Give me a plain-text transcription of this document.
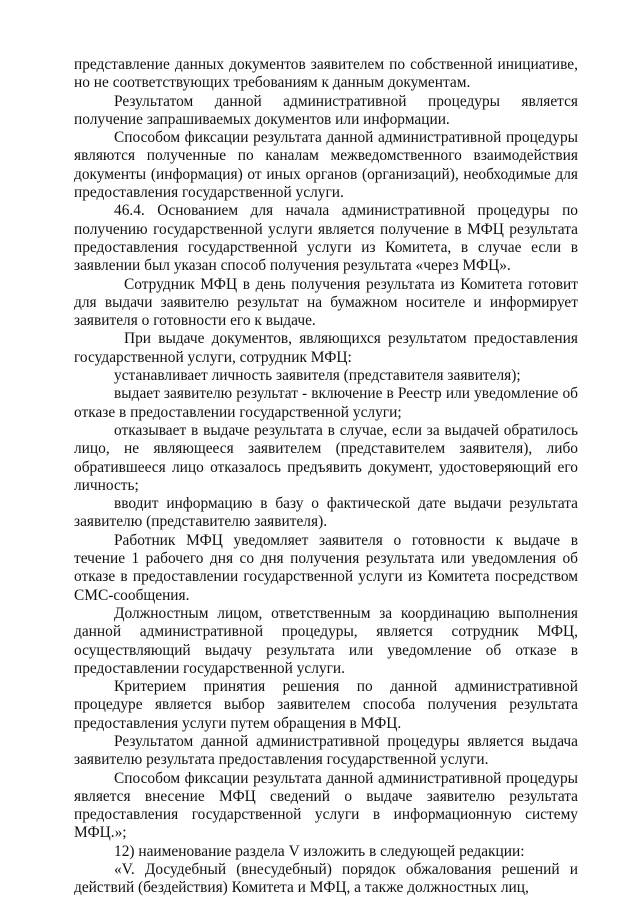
представление данных документов заявителем по собственной инициативе, но не соответствующих требованиям к данным документам.

Результатом данной административной процедуры является получение запрашиваемых документов или информации.

Способом фиксации результата данной административной процедуры являются полученные по каналам межведомственного взаимодействия документы (информация) от иных органов (организаций), необходимые для предоставления государственной услуги.

46.4. Основанием для начала административной процедуры по получению государственной услуги является получение в МФЦ результата предоставления государственной услуги из Комитета, в случае если в заявлении был указан способ получения результата «через МФЦ».

Сотрудник МФЦ в день получения результата из Комитета готовит для выдачи заявителю результат на бумажном носителе и информирует заявителя о готовности его к выдаче.

При выдаче документов, являющихся результатом предоставления государственной услуги, сотрудник МФЦ:

устанавливает личность заявителя (представителя заявителя);

выдает заявителю результат - включение в Реестр или уведомление об отказе в предоставлении государственной услуги;

отказывает в выдаче результата в случае, если за выдачей обратилось лицо, не являющееся заявителем (представителем заявителя), либо обратившееся лицо отказалось предъявить документ, удостоверяющий его личность;

вводит информацию в базу о фактической дате выдачи результата заявителю (представителю заявителя).

Работник МФЦ уведомляет заявителя о готовности к выдаче в течение 1 рабочего дня со дня получения результата или уведомления об отказе в предоставлении государственной услуги из Комитета посредством СМС-сообщения.

Должностным лицом, ответственным за координацию выполнения данной административной процедуры, является сотрудник МФЦ, осуществляющий выдачу результата или уведомление об отказе в предоставлении государственной услуги.

Критерием принятия решения по данной административной процедуре является выбор заявителем способа получения результата предоставления услуги путем обращения в МФЦ.

Результатом данной административной процедуры является выдача заявителю результата предоставления государственной услуги.

Способом фиксации результата данной административной процедуры является внесение МФЦ сведений о выдаче заявителю результата предоставления государственной услуги в информационную систему МФЦ.»;

12) наименование раздела V изложить в следующей редакции:

«V. Досудебный (внесудебный) порядок обжалования решений и действий (бездействия) Комитета и МФЦ, а также должностных лиц,
